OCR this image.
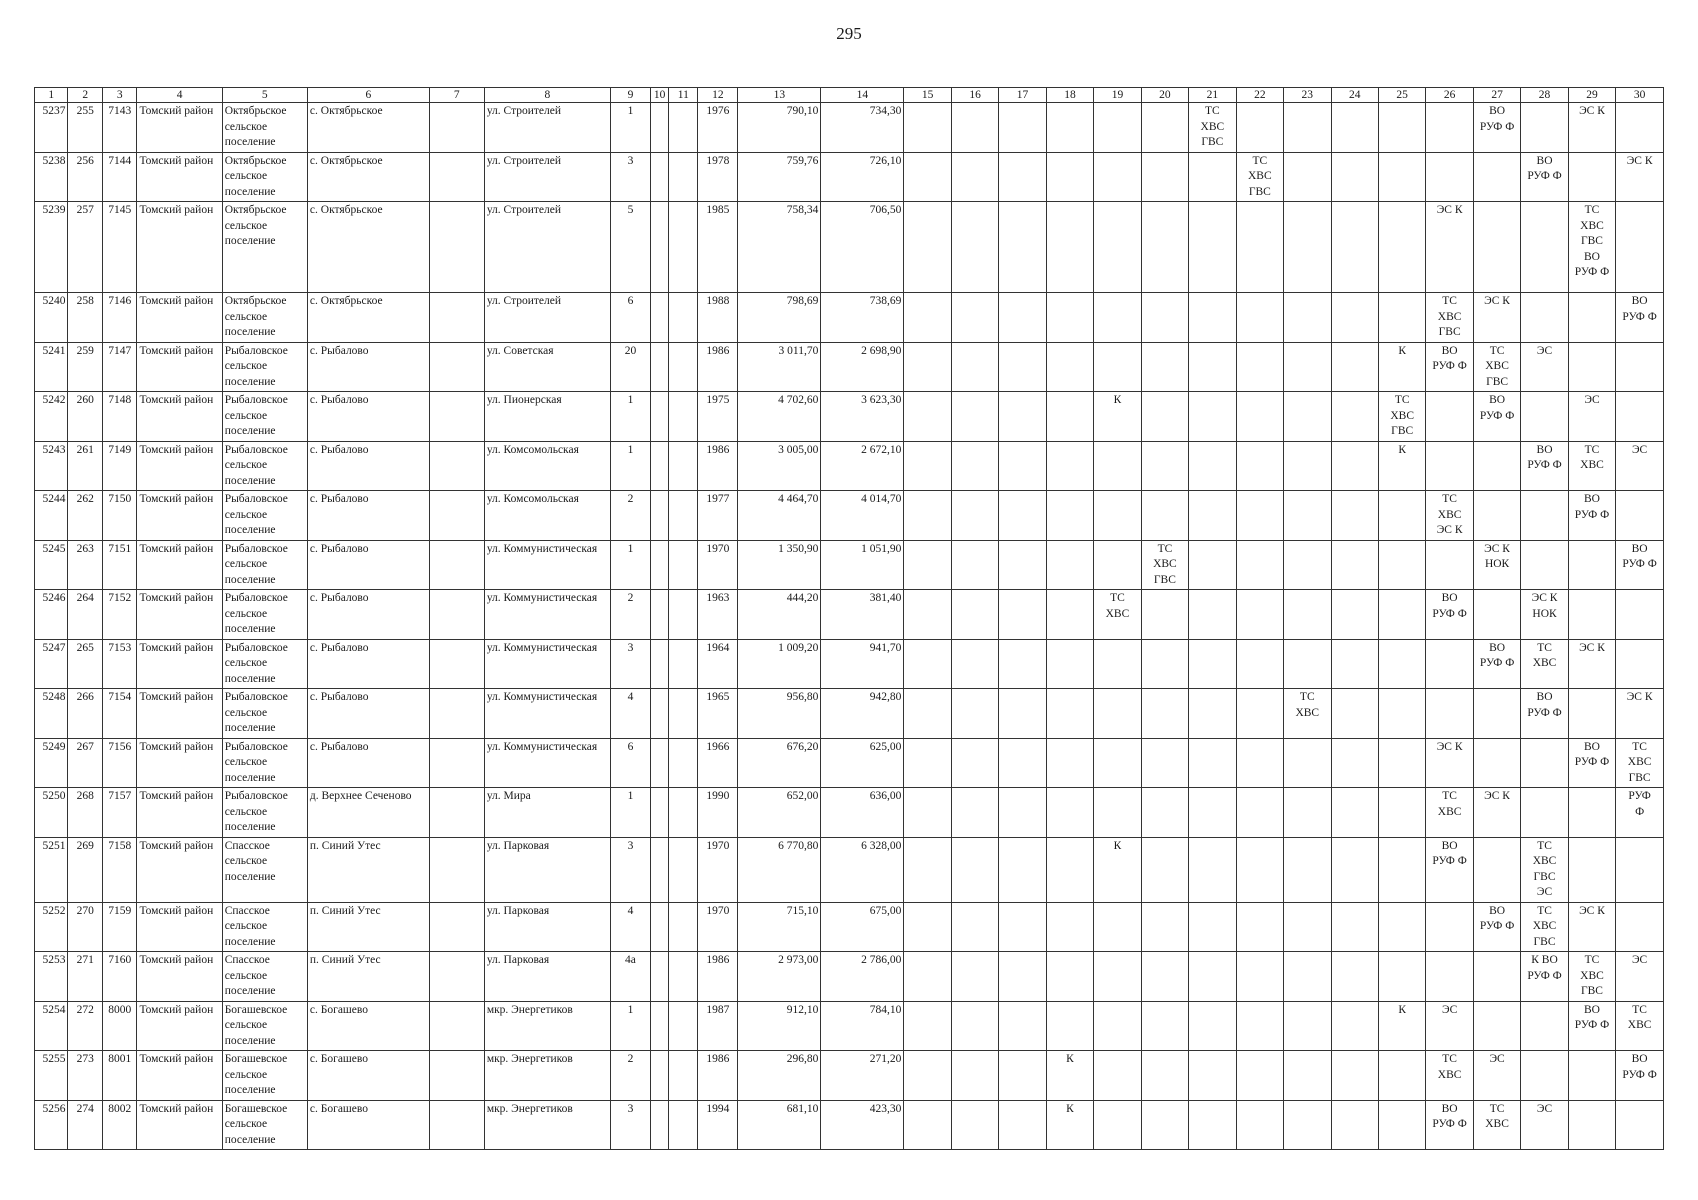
295
1	2	3	4	5	6	7	8	9	10	11	12	13	14	15	16	17	18	19	20	21	22	23	24	25	26	27	28	29	30
5237	255	7143	Томский район	Октябрьское сельское поселение	с. Октябрьское		ул. Строителей	1			1976	790,10	734,30							ТС
ХВС
ГВС						ВО
РУФ Ф		ЭС К	
5238	256	7144	Томский район	Октябрьское сельское поселение	с. Октябрьское		ул. Строителей	3			1978	759,76	726,10								ТС
ХВС
ГВС						ВО
РУФ Ф		ЭС К
5239	257	7145	Томский район	Октябрьское сельское поселение	с. Октябрьское		ул. Строителей	5			1985	758,34	706,50												ЭС К			ТС
ХВС
ГВС
ВО
РУФ Ф	
5240	258	7146	Томский район	Октябрьское сельское поселение	с. Октябрьское		ул. Строителей	6			1988	798,69	738,69												ТС
ХВС
ГВС	ЭС К			ВО
РУФ Ф
5241	259	7147	Томский район	Рыбаловское сельское поселение	с. Рыбалово		ул. Советская	20			1986	3 011,70	2 698,90											К	ВО
РУФ Ф	ТС
ХВС
ГВС	ЭС		
5242	260	7148	Томский район	Рыбаловское сельское поселение	с. Рыбалово		ул. Пионерская	1			1975	4 702,60	3 623,30					К						ТС
ХВС
ГВС		ВО
РУФ Ф		ЭС	
5243	261	7149	Томский район	Рыбаловское сельское поселение	с. Рыбалово		ул. Комсомольская	1			1986	3 005,00	2 672,10											К			ВО
РУФ Ф	ТС
ХВС	ЭС
5244	262	7150	Томский район	Рыбаловское сельское поселение	с. Рыбалово		ул. Комсомольская	2			1977	4 464,70	4 014,70												ТС
ХВС
ЭС К			ВО
РУФ Ф	
5245	263	7151	Томский район	Рыбаловское сельское поселение	с. Рыбалово		ул. Коммунистическая	1			1970	1 350,90	1 051,90						ТС
ХВС
ГВС							ЭС К
НОК			ВО
РУФ Ф
5246	264	7152	Томский район	Рыбаловское сельское поселение	с. Рыбалово		ул. Коммунистическая	2			1963	444,20	381,40					ТС
ХВС							ВО
РУФ Ф		ЭС К
НОК		
5247	265	7153	Томский район	Рыбаловское сельское поселение	с. Рыбалово		ул. Коммунистическая	3			1964	1 009,20	941,70													ВО
РУФ Ф	ТС
ХВС	ЭС К	
5248	266	7154	Томский район	Рыбаловское сельское поселение	с. Рыбалово		ул. Коммунистическая	4			1965	956,80	942,80									ТС
ХВС					ВО
РУФ Ф		ЭС К
5249	267	7156	Томский район	Рыбаловское сельское поселение	с. Рыбалово		ул. Коммунистическая	6			1966	676,20	625,00												ЭС К			ВО
РУФ Ф	ТС
ХВС
ГВС
5250	268	7157	Томский район	Рыбаловское сельское поселение	д. Верхнее Сеченово		ул. Мира	1			1990	652,00	636,00												ТС
ХВС	ЭС К			РУФ
Ф
5251	269	7158	Томский район	Спасское сельское поселение	п. Синий Утес		ул. Парковая	3			1970	6 770,80	6 328,00					К							ВО
РУФ Ф		ТС
ХВС
ГВС
ЭС		
5252	270	7159	Томский район	Спасское сельское поселение	п. Синий Утес		ул. Парковая	4			1970	715,10	675,00													ВО
РУФ Ф	ТС
ХВС
ГВС	ЭС К	
5253	271	7160	Томский район	Спасское сельское поселение	п. Синий Утес		ул. Парковая	4а			1986	2 973,00	2 786,00														К ВО
РУФ Ф	ТС
ХВС
ГВС	ЭС
5254	272	8000	Томский район	Богашевское сельское поселение	с. Богашево		мкр. Энергетиков	1			1987	912,10	784,10											К	ЭС			ВО
РУФ Ф	ТС
ХВС
5255	273	8001	Томский район	Богашевское сельское поселение	с. Богашево		мкр. Энергетиков	2			1986	296,80	271,20				К								ТС
ХВС	ЭС			ВО
РУФ Ф
5256	274	8002	Томский район	Богашевское сельское поселение	с. Богашево		мкр. Энергетиков	3			1994	681,10	423,30				К								ВО
РУФ Ф	ТС
ХВС	ЭС		
